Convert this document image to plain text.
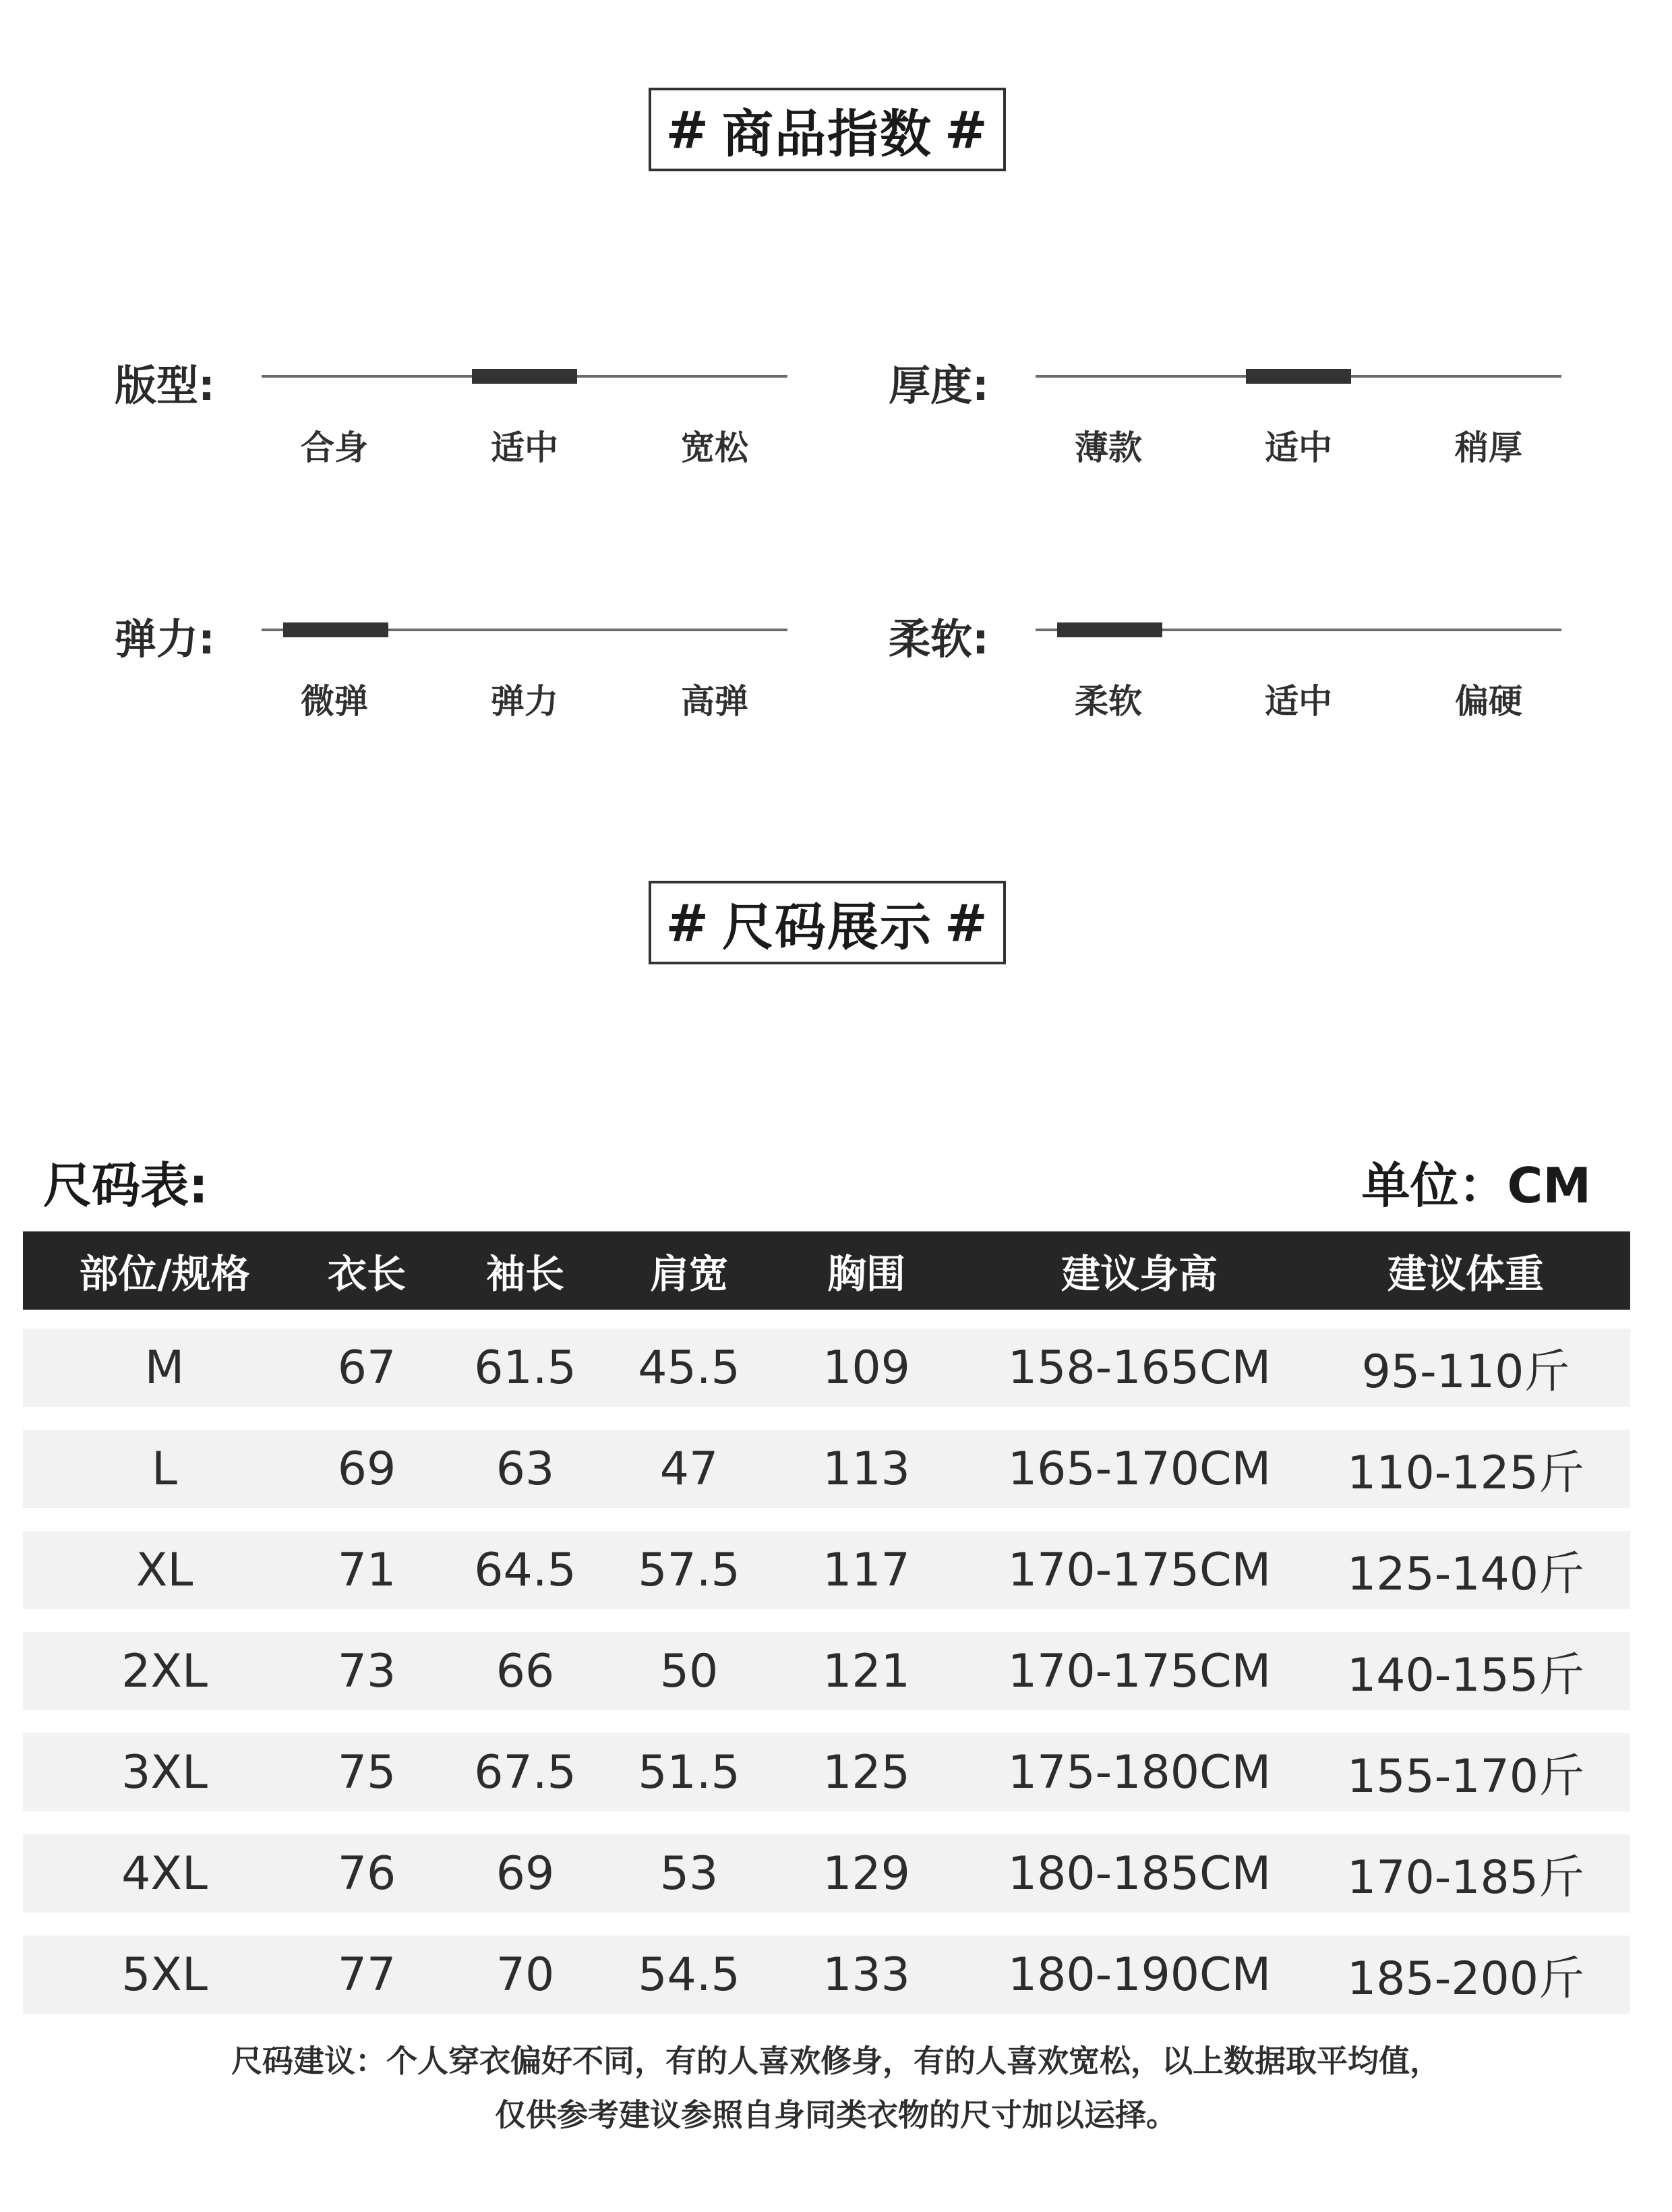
# 商品指数 #
版型:
合身	适中	宽松
厚度:
薄款	适中	稍厚
弹力:
微弹	弹力	高弹
柔软:
柔软	适中	偏硬
# 尺码展示 #
尺码表:	单位：CM
部位/规格	衣长	袖长	肩宽	胸围	建议身高	建议体重
M	67	61.5	45.5	109	158-165CM	95-110斤
L	69	63	47	113	165-170CM	110-125斤
XL	71	64.5	57.5	117	170-175CM	125-140斤
2XL	73	66	50	121	170-175CM	140-155斤
3XL	75	67.5	51.5	125	175-180CM	155-170斤
4XL	76	69	53	129	180-185CM	170-185斤
5XL	77	70	54.5	133	180-190CM	185-200斤
尺码建议：个人穿衣偏好不同，有的人喜欢修身，有的人喜欢宽松，以上数据取平均值，
仅供参考建议参照自身同类衣物的尺寸加以运择。
